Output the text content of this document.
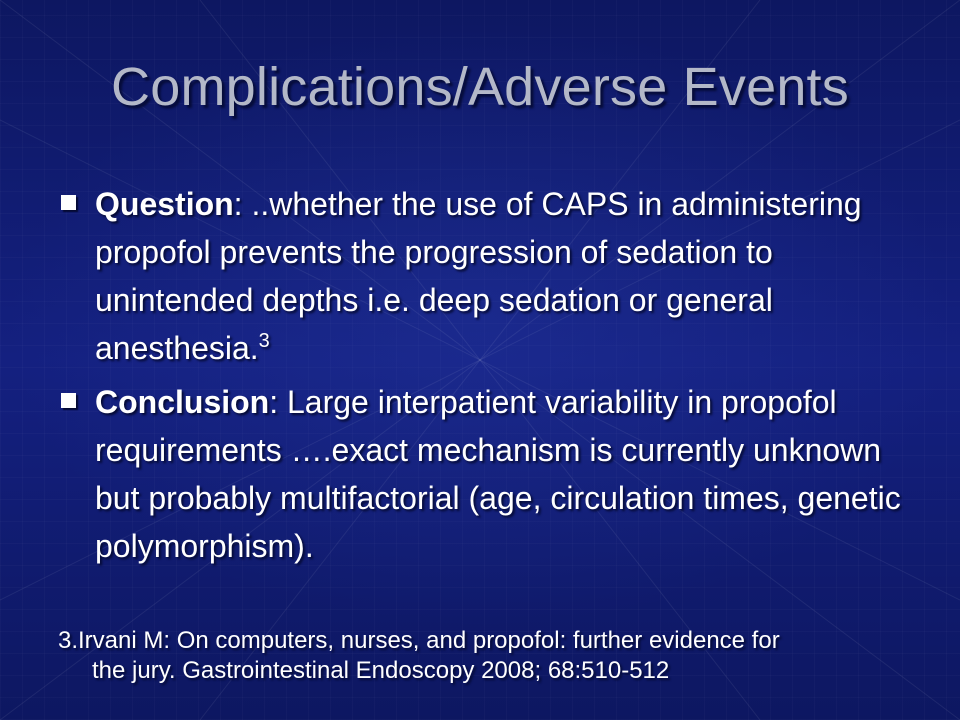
Complications/Adverse Events
Question: ..whether the use of CAPS in administering propofol prevents the progression of sedation to unintended depths i.e. deep sedation or general anesthesia.$^3$
Conclusion: Large interpatient variability in propofol requirements ….exact mechanism is currently unknown but probably multifactorial (age, circulation times, genetic polymorphism).
3.Irvani M: On computers, nurses, and propofol: further evidence for
the jury. Gastrointestinal Endoscopy 2008; 68:510-512
